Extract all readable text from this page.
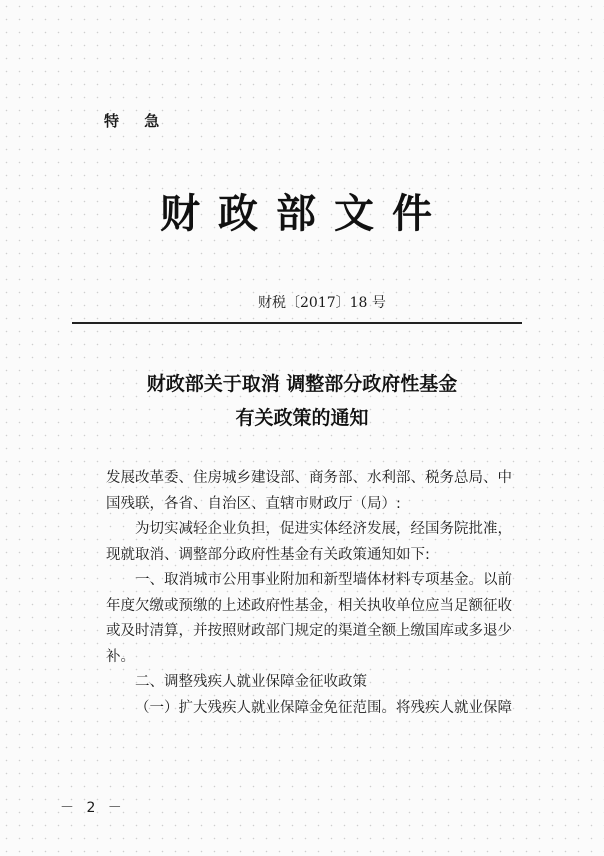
特 急
财政部文件
财税〔2017〕18 号
财政部关于取消 调整部分政府性基金
有关政策的通知

发展改革委、住房城乡建设部、商务部、水利部、税务总局、中国残联，各省、自治区、直辖市财政厅（局）:

为切实减轻企业负担，促进实体经济发展，经国务院批准，现就取消、调整部分政府性基金有关政策通知如下:

一、取消城市公用事业附加和新型墙体材料专项基金。以前年度欠缴或预缴的上述政府性基金，相关执收单位应当足额征收或及时清算，并按照财政部门规定的渠道全额上缴国库或多退少补。

二、调整残疾人就业保障金征收政策

（一）扩大残疾人就业保障金免征范围。将残疾人就业保障

－ 2 －
